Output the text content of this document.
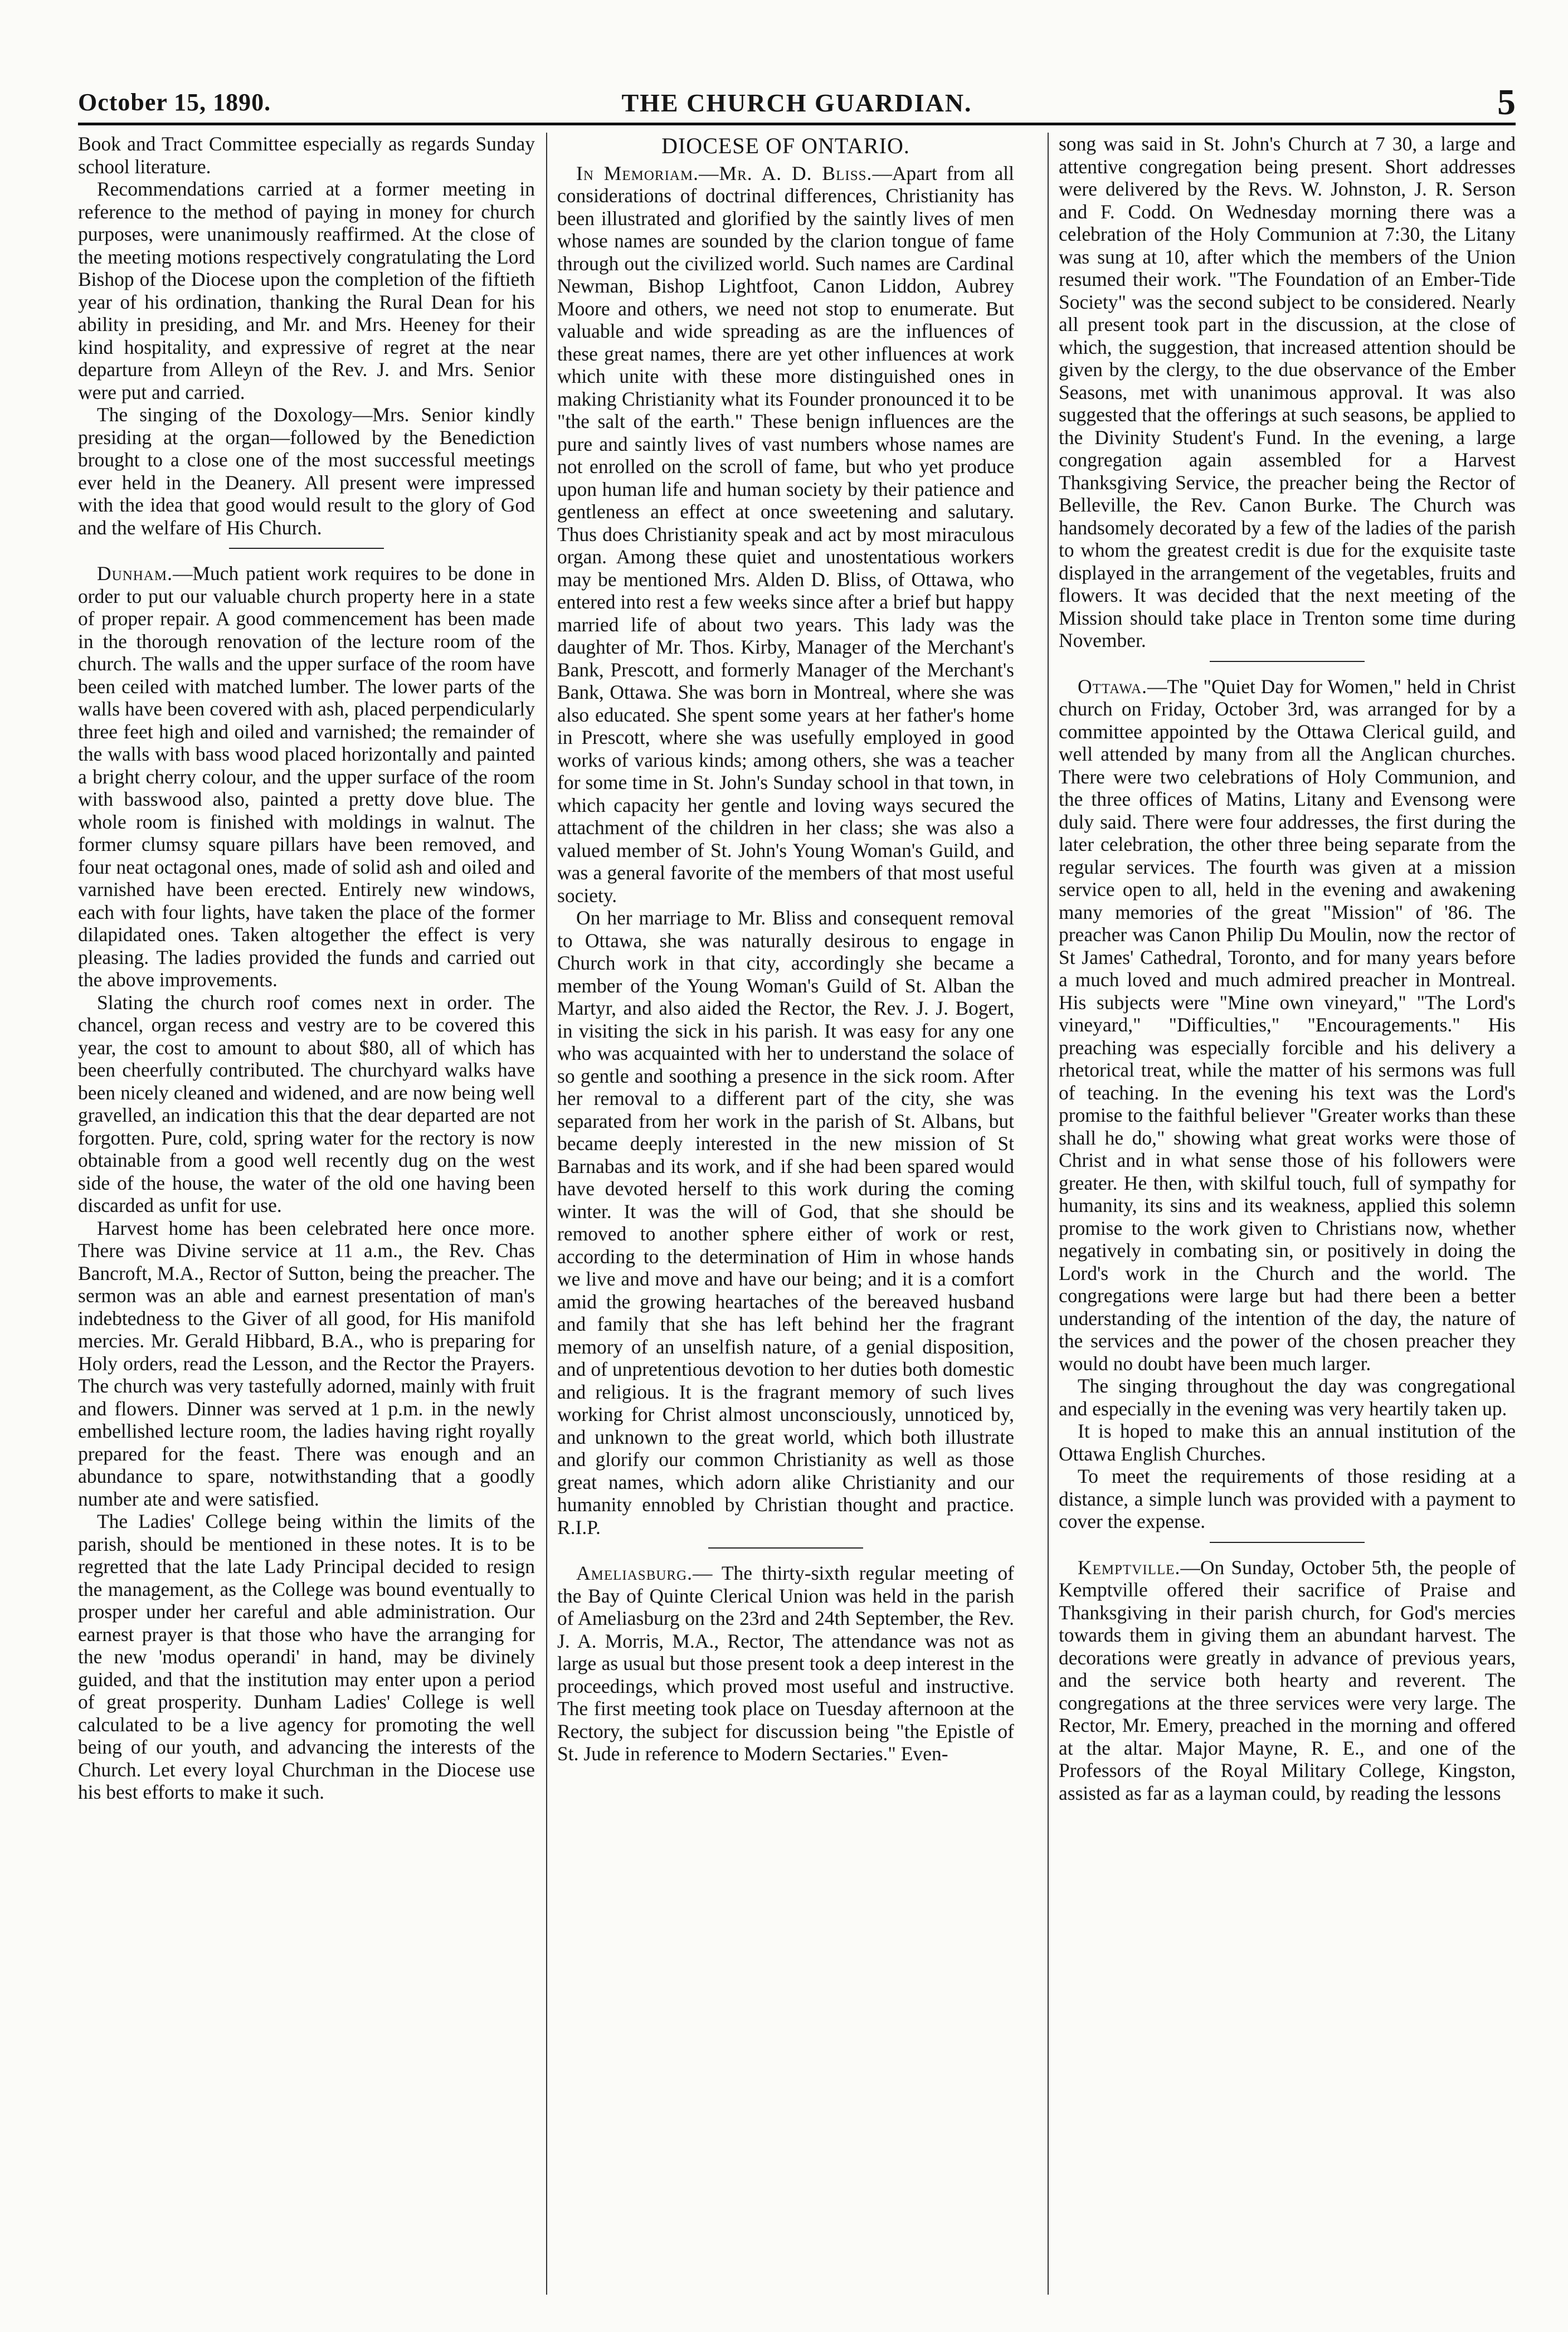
October 15, 1890.	THE CHURCH GUARDIAN.	5

Book and Tract Committee especially as regards Sunday school literature.

Recommendations carried at a former meeting in reference to the method of paying in money for church purposes, were unanimously reaffirmed. At the close of the meeting motions respectively congratulating the Lord Bishop of the Diocese upon the completion of the fiftieth year of his ordination, thanking the Rural Dean for his ability in presiding, and Mr. and Mrs. Heeney for their kind hospitality, and expressive of regret at the near departure from Alleyn of the Rev. J. and Mrs. Senior were put and carried.

The singing of the Doxology—Mrs. Senior kindly presiding at the organ—followed by the Benediction brought to a close one of the most successful meetings ever held in the Deanery. All present were impressed with the idea that good would result to the glory of God and the welfare of His Church.

Dunham.—Much patient work requires to be done in order to put our valuable church property here in a state of proper repair. A good commencement has been made in the thorough renovation of the lecture room of the church. The walls and the upper surface of the room have been ceiled with matched lumber. The lower parts of the walls have been covered with ash, placed perpendicularly three feet high and oiled and varnished; the remainder of the walls with bass wood placed horizontally and painted a bright cherry colour, and the upper surface of the room with basswood also, painted a pretty dove blue. The whole room is finished with moldings in walnut. The former clumsy square pillars have been removed, and four neat octagonal ones, made of solid ash and oiled and varnished have been erected. Entirely new windows, each with four lights, have taken the place of the former dilapidated ones. Taken altogether the effect is very pleasing. The ladies provided the funds and carried out the above improvements.

Slating the church roof comes next in order. The chancel, organ recess and vestry are to be covered this year, the cost to amount to about $80, all of which has been cheerfully contributed. The churchyard walks have been nicely cleaned and widened, and are now being well gravelled, an indication this that the dear departed are not forgotten. Pure, cold, spring water for the rectory is now obtainable from a good well recently dug on the west side of the house, the water of the old one having been discarded as unfit for use.

Harvest home has been celebrated here once more. There was Divine service at 11 a.m., the Rev. Chas Bancroft, M.A., Rector of Sutton, being the preacher. The sermon was an able and earnest presentation of man's indebtedness to the Giver of all good, for His manifold mercies. Mr. Gerald Hibbard, B.A., who is preparing for Holy orders, read the Lesson, and the Rector the Prayers. The church was very tastefully adorned, mainly with fruit and flowers. Dinner was served at 1 p.m. in the newly embellished lecture room, the ladies having right royally prepared for the feast. There was enough and an abundance to spare, notwithstanding that a goodly number ate and were satisfied.

The Ladies' College being within the limits of the parish, should be mentioned in these notes. It is to be regretted that the late Lady Principal decided to resign the management, as the College was bound eventually to prosper under her careful and able administration. Our earnest prayer is that those who have the arranging for the new 'modus operandi' in hand, may be divinely guided, and that the institution may enter upon a period of great prosperity. Dunham Ladies' College is well calculated to be a live agency for promoting the well being of our youth, and advancing the interests of the Church. Let every loyal Churchman in the Diocese use his best efforts to make it such.

DIOCESE OF ONTARIO.

In Memoriam.—Mr. A. D. Bliss.—Apart from all considerations of doctrinal differences, Christianity has been illustrated and glorified by the saintly lives of men whose names are sounded by the clarion tongue of fame through out the civilized world. Such names are Cardinal Newman, Bishop Lightfoot, Canon Liddon, Aubrey Moore and others, we need not stop to enumerate. But valuable and wide spreading as are the influences of these great names, there are yet other influences at work which unite with these more distinguished ones in making Christianity what its Founder pronounced it to be "the salt of the earth." These benign influences are the pure and saintly lives of vast numbers whose names are not enrolled on the scroll of fame, but who yet produce upon human life and human society by their patience and gentleness an effect at once sweetening and salutary. Thus does Christianity speak and act by most miraculous organ. Among these quiet and unostentatious workers may be mentioned Mrs. Alden D. Bliss, of Ottawa, who entered into rest a few weeks since after a brief but happy married life of about two years. This lady was the daughter of Mr. Thos. Kirby, Manager of the Merchant's Bank, Prescott, and formerly Manager of the Merchant's Bank, Ottawa. She was born in Montreal, where she was also educated. She spent some years at her father's home in Prescott, where she was usefully employed in good works of various kinds; among others, she was a teacher for some time in St. John's Sunday school in that town, in which capacity her gentle and loving ways secured the attachment of the children in her class; she was also a valued member of St. John's Young Woman's Guild, and was a general favorite of the members of that most useful society.

On her marriage to Mr. Bliss and consequent removal to Ottawa, she was naturally desirous to engage in Church work in that city, accordingly she became a member of the Young Woman's Guild of St. Alban the Martyr, and also aided the Rector, the Rev. J. J. Bogert, in visiting the sick in his parish. It was easy for any one who was acquainted with her to understand the solace of so gentle and soothing a presence in the sick room. After her removal to a different part of the city, she was separated from her work in the parish of St. Albans, but became deeply interested in the new mission of St Barnabas and its work, and if she had been spared would have devoted herself to this work during the coming winter. It was the will of God, that she should be removed to another sphere either of work or rest, according to the determination of Him in whose hands we live and move and have our being; and it is a comfort amid the growing heartaches of the bereaved husband and family that she has left behind her the fragrant memory of an unselfish nature, of a genial disposition, and of unpretentious devotion to her duties both domestic and religious. It is the fragrant memory of such lives working for Christ almost unconsciously, unnoticed by, and unknown to the great world, which both illustrate and glorify our common Christianity as well as those great names, which adorn alike Christianity and our humanity ennobled by Christian thought and practice. R.I.P.

Ameliasburg.— The thirty-sixth regular meeting of the Bay of Quinte Clerical Union was held in the parish of Ameliasburg on the 23rd and 24th September, the Rev. J. A. Morris, M.A., Rector, The attendance was not as large as usual but those present took a deep interest in the proceedings, which proved most useful and instructive. The first meeting took place on Tuesday afternoon at the Rectory, the subject for discussion being "the Epistle of St. Jude in reference to Modern Sectaries." Even-

song was said in St. John's Church at 7 30, a large and attentive congregation being present. Short addresses were delivered by the Revs. W. Johnston, J. R. Serson and F. Codd. On Wednesday morning there was a celebration of the Holy Communion at 7:30, the Litany was sung at 10, after which the members of the Union resumed their work. "The Foundation of an Ember-Tide Society" was the second subject to be considered. Nearly all present took part in the discussion, at the close of which, the suggestion, that increased attention should be given by the clergy, to the due observance of the Ember Seasons, met with unanimous approval. It was also suggested that the offerings at such seasons, be applied to the Divinity Student's Fund. In the evening, a large congregation again assembled for a Harvest Thanksgiving Service, the preacher being the Rector of Belleville, the Rev. Canon Burke. The Church was handsomely decorated by a few of the ladies of the parish to whom the greatest credit is due for the exquisite taste displayed in the arrangement of the vegetables, fruits and flowers. It was decided that the next meeting of the Mission should take place in Trenton some time during November.

Ottawa.—The "Quiet Day for Women," held in Christ church on Friday, October 3rd, was arranged for by a committee appointed by the Ottawa Clerical guild, and well attended by many from all the Anglican churches. There were two celebrations of Holy Communion, and the three offices of Matins, Litany and Evensong were duly said. There were four addresses, the first during the later celebration, the other three being separate from the regular services. The fourth was given at a mission service open to all, held in the evening and awakening many memories of the great "Mission" of '86. The preacher was Canon Philip Du Moulin, now the rector of St James' Cathedral, Toronto, and for many years before a much loved and much admired preacher in Montreal. His subjects were "Mine own vineyard," "The Lord's vineyard," "Difficulties," "Encouragements." His preaching was especially forcible and his delivery a rhetorical treat, while the matter of his sermons was full of teaching. In the evening his text was the Lord's promise to the faithful believer "Greater works than these shall he do," showing what great works were those of Christ and in what sense those of his followers were greater. He then, with skilful touch, full of sympathy for humanity, its sins and its weakness, applied this solemn promise to the work given to Christians now, whether negatively in combating sin, or positively in doing the Lord's work in the Church and the world. The congregations were large but had there been a better understanding of the intention of the day, the nature of the services and the power of the chosen preacher they would no doubt have been much larger.

The singing throughout the day was congregational and especially in the evening was very heartily taken up.

It is hoped to make this an annual institution of the Ottawa English Churches.

To meet the requirements of those residing at a distance, a simple lunch was provided with a payment to cover the expense.

Kemptville.—On Sunday, October 5th, the people of Kemptville offered their sacrifice of Praise and Thanksgiving in their parish church, for God's mercies towards them in giving them an abundant harvest. The decorations were greatly in advance of previous years, and the service both hearty and reverent. The congregations at the three services were very large. The Rector, Mr. Emery, preached in the morning and offered at the altar. Major Mayne, R. E., and one of the Professors of the Royal Military College, Kingston, assisted as far as a layman could, by reading the lessons
